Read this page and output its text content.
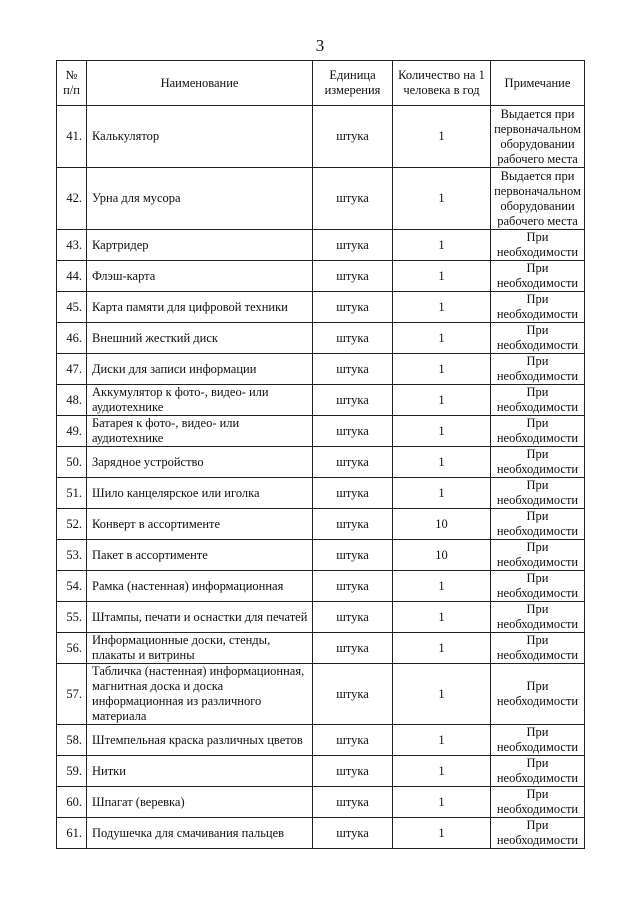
3
№ п/п	Наименование	Единица измерения	Количество на 1 человека в год	Примечание
41.	Калькулятор	штука	1	Выдается при первоначальном оборудовании рабочего места
42.	Урна для мусора	штука	1	Выдается при первоначальном оборудовании рабочего места
43.	Картридер	штука	1	При необходимости
44.	Флэш-карта	штука	1	При необходимости
45.	Карта памяти для цифровой техники	штука	1	При необходимости
46.	Внешний жесткий диск	штука	1	При необходимости
47.	Диски для записи информации	штука	1	При необходимости
48.	Аккумулятор к фото-, видео- или аудиотехнике	штука	1	При необходимости
49.	Батарея к фото-, видео- или аудиотехнике	штука	1	При необходимости
50.	Зарядное устройство	штука	1	При необходимости
51.	Шило канцелярское или иголка	штука	1	При необходимости
52.	Конверт в ассортименте	штука	10	При необходимости
53.	Пакет в ассортименте	штука	10	При необходимости
54.	Рамка (настенная) информационная	штука	1	При необходимости
55.	Штампы, печати и оснастки для печатей	штука	1	При необходимости
56.	Информационные доски, стенды, плакаты и витрины	штука	1	При необходимости
57.	Табличка (настенная) информационная, магнитная доска и доска информационная из различного материала	штука	1	При необходимости
58.	Штемпельная краска различных цветов	штука	1	При необходимости
59.	Нитки	штука	1	При необходимости
60.	Шпагат (веревка)	штука	1	При необходимости
61.	Подушечка для смачивания пальцев	штука	1	При необходимости
